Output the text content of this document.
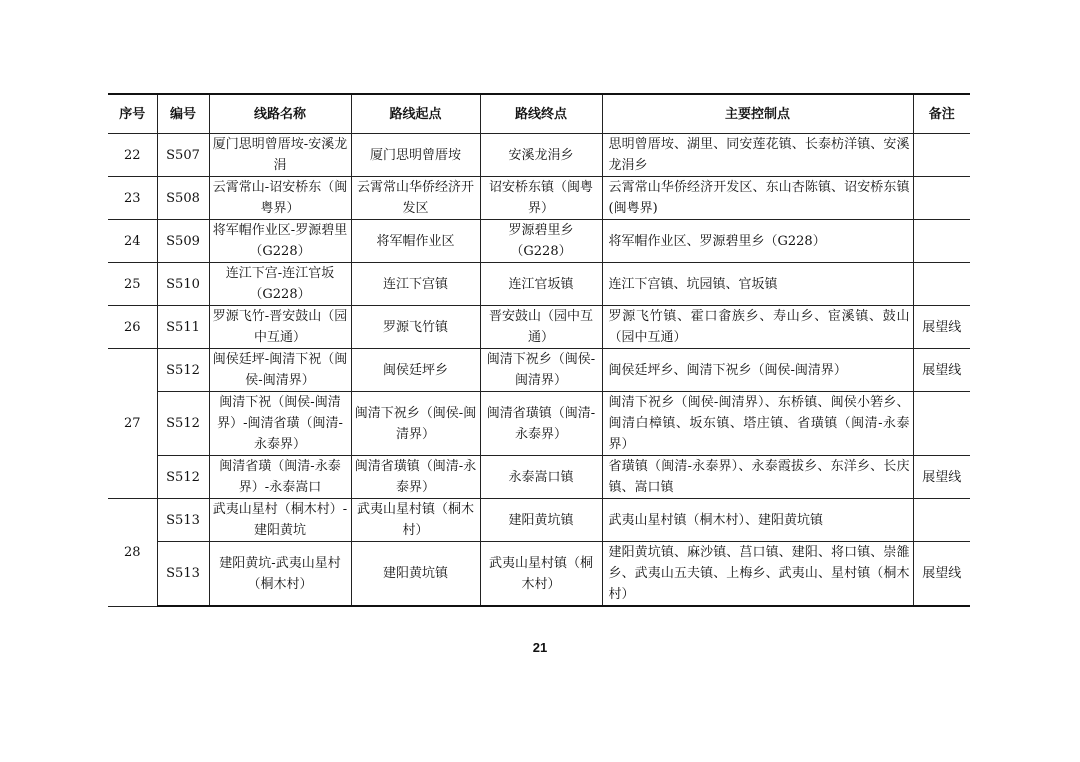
序号	编号	线路名称	路线起点	路线终点	主要控制点	备注
22	S507	厦门思明曾厝垵-安溪龙涓	厦门思明曾厝垵	安溪龙涓乡	思明曾厝垵、湖里、同安莲花镇、长泰枋洋镇、安溪龙涓乡	
23	S508	云霄常山-诏安桥东（闽粤界）	云霄常山华侨经济开发区	诏安桥东镇（闽粤界）	云霄常山华侨经济开发区、东山杏陈镇、诏安桥东镇(闽粤界)	
24	S509	将军帽作业区-罗源碧里（G228）	将军帽作业区	罗源碧里乡（G228）	将军帽作业区、罗源碧里乡（G228）	
25	S510	连江下宫-连江官坂（G228）	连江下宫镇	连江官坂镇	连江下宫镇、坑园镇、官坂镇	
26	S511	罗源飞竹-晋安鼓山（园中互通）	罗源飞竹镇	晋安鼓山（园中互通）	罗源飞竹镇、霍口畲族乡、寿山乡、宦溪镇、鼓山（园中互通）	展望线
27	S512	闽侯廷坪-闽清下祝（闽侯-闽清界）	闽侯廷坪乡	闽清下祝乡（闽侯-闽清界）	闽侯廷坪乡、闽清下祝乡（闽侯-闽清界）	展望线
	S512	闽清下祝（闽侯-闽清界）-闽清省璜（闽清-永泰界）	闽清下祝乡（闽侯-闽清界）	闽清省璜镇（闽清-永泰界）	闽清下祝乡（闽侯-闽清界）、东桥镇、闽侯小箬乡、闽清白樟镇、坂东镇、塔庄镇、省璜镇（闽清-永泰界）	
	S512	闽清省璜（闽清-永泰界）-永泰嵩口	闽清省璜镇（闽清-永泰界）	永泰嵩口镇	省璜镇（闽清-永泰界）、永泰霞拔乡、东洋乡、长庆镇、嵩口镇	展望线
28	S513	武夷山星村（桐木村）-建阳黄坑	武夷山星村镇（桐木村）	建阳黄坑镇	武夷山星村镇（桐木村）、建阳黄坑镇	
	S513	建阳黄坑-武夷山星村（桐木村）	建阳黄坑镇	武夷山星村镇（桐木村）	建阳黄坑镇、麻沙镇、莒口镇、建阳、将口镇、崇雒乡、武夷山五夫镇、上梅乡、武夷山、星村镇（桐木村）	展望线
21
